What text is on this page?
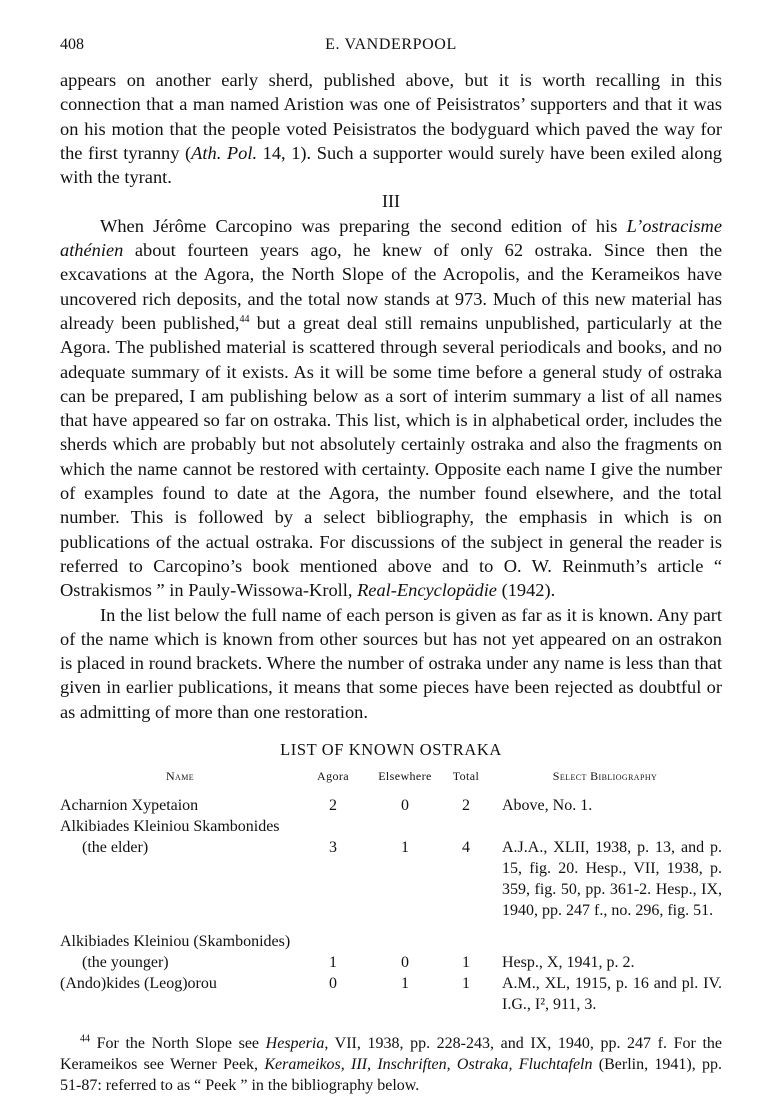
408	E. VANDERPOOL

appears on another early sherd, published above, but it is worth recalling in this connection that a man named Aristion was one of Peisistratos’ supporters and that it was on his motion that the people voted Peisistratos the bodyguard which paved the way for the first tyranny (Ath. Pol. 14, 1). Such a supporter would surely have been exiled along with the tyrant.

III

When Jérôme Carcopino was preparing the second edition of his L’ostracisme athénien about fourteen years ago, he knew of only 62 ostraka. Since then the excavations at the Agora, the North Slope of the Acropolis, and the Kerameikos have uncovered rich deposits, and the total now stands at 973. Much of this new material has already been published,$^{44}$ but a great deal still remains unpublished, particularly at the Agora. The published material is scattered through several periodicals and books, and no adequate summary of it exists. As it will be some time before a general study of ostraka can be prepared, I am publishing below as a sort of interim summary a list of all names that have appeared so far on ostraka. This list, which is in alphabetical order, includes the sherds which are probably but not absolutely certainly ostraka and also the fragments on which the name cannot be restored with certainty. Opposite each name I give the number of examples found to date at the Agora, the number found elsewhere, and the total number. This is followed by a select bibliography, the emphasis in which is on publications of the actual ostraka. For discussions of the subject in general the reader is referred to Carcopino’s book mentioned above and to O. W. Reinmuth’s article “ Ostrakismos ” in Pauly-Wissowa-Kroll, Real-Encyclopädie (1942).

In the list below the full name of each person is given as far as it is known. Any part of the name which is known from other sources but has not yet appeared on an ostrakon is placed in round brackets. Where the number of ostraka under any name is less than that given in earlier publications, it means that some pieces have been rejected as doubtful or as admitting of more than one restoration.

LIST OF KNOWN OSTRAKA
Name	Agora	Elsewhere	Total	Select Bibliography
Acharnion Xypetaion	2	0	2	Above, No. 1.

Alkibiades Kleiniou Skambonides
(the elder)	3	1	4	A.J.A., XLII, 1938, p. 13, and p. 15, fig. 20. Hesp., VII, 1938, p. 359, fig. 50, pp. 361-2. Hesp., IX, 1940, pp. 247 f., no. 296, fig. 51.

Alkibiades Kleiniou (Skambonides)
(the younger)	1	0	1	Hesp., X, 1941, p. 2.

(Ando)kides (Leog)orou	0	1	1	A.M., XL, 1915, p. 16 and pl. IV. I.G., I², 911, 3.
$^{44}$ For the North Slope see Hesperia, VII, 1938, pp. 228-243, and IX, 1940, pp. 247 f. For the Kerameikos see Werner Peek, Kerameikos, III, Inschriften, Ostraka, Fluchtafeln (Berlin, 1941), pp. 51-87: referred to as “ Peek ” in the bibliography below.
